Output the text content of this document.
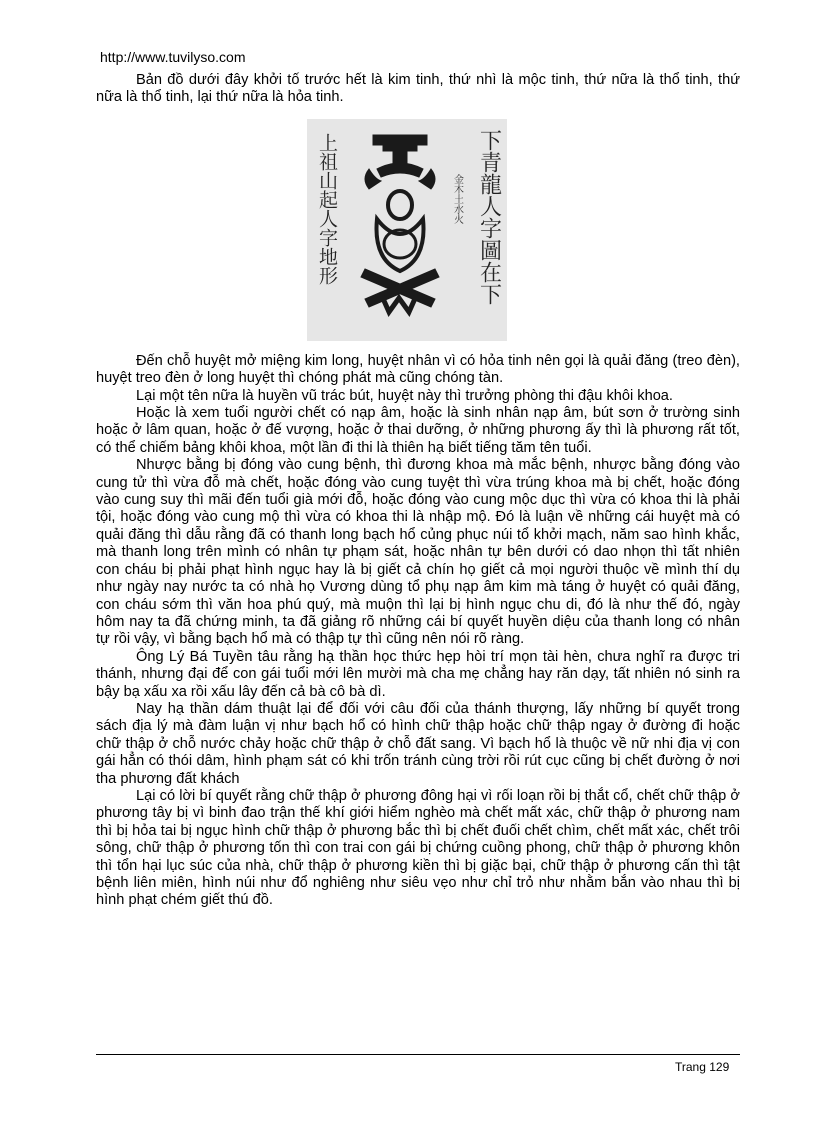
http://www.tuvilyso.com

Bản đồ dưới đây khởi tố trước hết là kim tinh, thứ nhì là mộc tinh, thứ nữa là thổ tinh, thứ nữa là thổ tinh, lại thứ nữa là hỏa tinh.

上祖山起人字地形	下青龍人字圖在下
金木土水火

Đến chỗ huyệt mở miệng kim long, huyệt nhân vì có hỏa tinh nên gọi là quải đăng (treo đèn), huyệt treo đèn ở long huyệt thì chóng phát mà cũng chóng tàn.

Lại một tên nữa là huyền vũ trác bút, huyệt này thì trưởng phòng thi đậu khôi khoa.

Hoặc là xem tuổi người chết có nạp âm, hoặc là sinh nhân nạp âm, bút sơn ở trường sinh hoặc ở lâm quan, hoặc ở đế vượng, hoặc ở thai dưỡng, ở những phương ấy thì là phương rất tốt, có thể chiếm bảng khôi khoa, một lần đi thi là thiên hạ biết tiếng tăm tên tuổi.

Nhược bằng bị đóng vào cung bệnh, thì đương khoa mà mắc bệnh, nhược bằng đóng vào cung tử thì vừa đỗ mà chết, hoặc đóng vào cung tuyệt thì vừa trúng khoa mà bị chết, hoặc đóng vào cung suy thì mãi đến tuổi già mới đỗ, hoặc đóng vào cung mộc dục thì vừa có khoa thi là phải tội, hoặc đóng vào cung mộ thì vừa có khoa thi là nhập mộ. Đó là luận về những cái huyệt mà có quải đăng thì dẫu rằng đã có thanh long bạch hổ củng phục núi tổ khởi mạch, năm sao hình khắc, mà thanh long trên mình có nhân tự phạm sát, hoặc nhân tự bên dưới có dao nhọn thì tất nhiên con cháu bị phải phạt hình ngục hay là bị giết cả chín họ giết cả mọi người thuộc về mình thí dụ như ngày nay nước ta có nhà họ Vương dùng tổ phụ nạp âm kim mà táng ở huyệt có quải đăng, con cháu sớm thì văn hoa phú quý, mà muộn thì lại bị hình ngục chu di, đó là như thế đó, ngày hôm nay ta đã chứng minh, ta đã giảng rõ những cái bí quyết huyền diệu của thanh long có nhân tự rồi vậy, vì bằng bạch hổ mà có thập tự thì cũng nên nói rõ ràng.

Ông Lý Bá Tuyền tâu rằng hạ thần học thức hẹp hòi trí mọn tài hèn, chưa nghĩ ra được tri thánh, nhưng đại để con gái tuổi mới lên mười mà cha mẹ chẳng hay răn dạy, tất nhiên nó sinh ra bậy bạ xấu xa rồi xấu lây đến cả bà cô bà dì.

Nay hạ thần dám thuật lại để đối với câu đối của thánh thượng, lấy những bí quyết trong sách địa lý mà đàm luận vị như bạch hổ có hình chữ thập hoặc chữ thập ngay ở đường đi hoặc chữ thập ở chỗ nước chảy hoặc chữ thập ở chỗ đất sang. Vì bạch hổ là thuộc về nữ nhi địa vị con gái hẳn có thói dâm, hình phạm sát có khi trốn tránh cùng trời rồi rút cục cũng bị chết đường ở nơi tha phương đất khách

Lại có lời bí quyết rằng chữ thập ở phương đông hại vì rối loạn rồi bị thắt cổ, chết chữ thập ở phương tây bị vì binh đao trận thế khí giới hiểm nghèo mà chết mất xác, chữ thập ở phương nam thì bị hỏa tai bị ngục hình chữ thập ở phương bắc thì bị chết đuối chết chìm, chết mất xác, chết trôi sông, chữ thập ở phương tốn thì con trai con gái bị chứng cuồng phong, chữ thập ở phương khôn thì tổn hại lục súc của nhà, chữ thập ở phương kiền thì bị giặc bại, chữ thập ở phương cấn thì tật bệnh liên miên, hình núi như đổ nghiêng như siêu vẹo như chỉ trỏ như nhằm bắn vào nhau thì bị hình phạt chém giết thú đồ.

Trang 129
